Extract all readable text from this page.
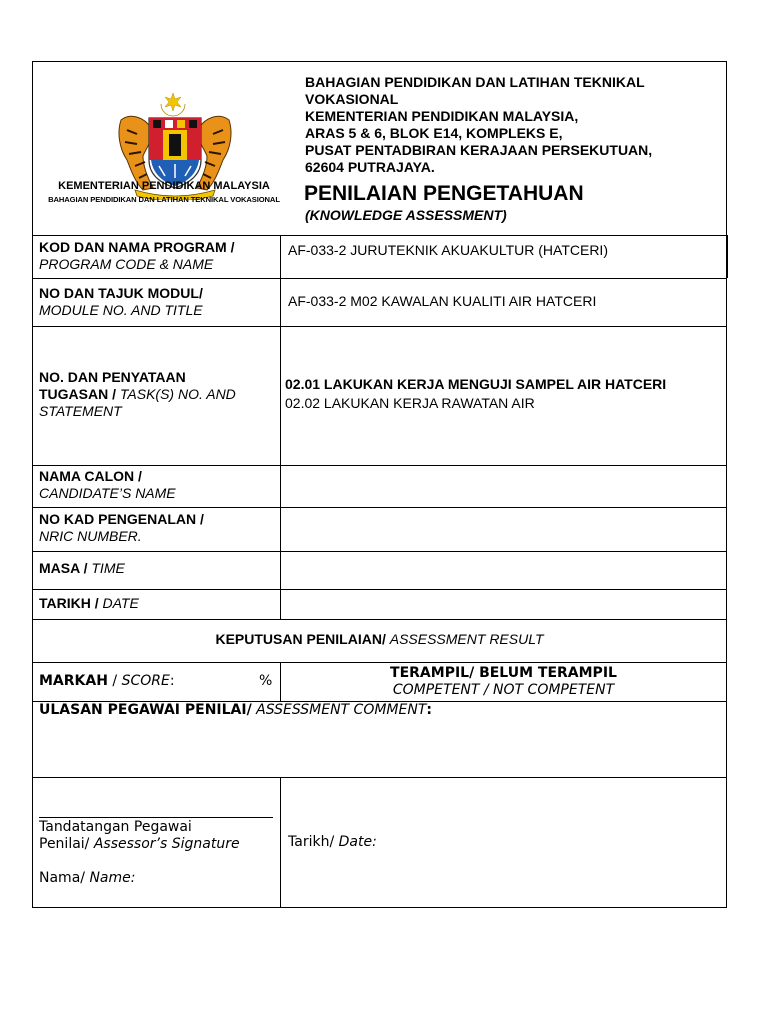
KEMENTERIAN PENDIDIKAN MALAYSIA
BAHAGIAN PENDIDIKAN DAN LATIHAN TEKNIKAL VOKASIONAL
BAHAGIAN PENDIDIKAN DAN LATIHAN TEKNIKAL
VOKASIONAL
KEMENTERIAN PENDIDIKAN MALAYSIA,
ARAS 5 & 6, BLOK E14, KOMPLEKS E,
PUSAT PENTADBIRAN KERAJAAN PERSEKUTUAN,
62604 PUTRAJAYA.
PENILAIAN PENGETAHUAN
(KNOWLEDGE ASSESSMENT)
KOD DAN NAMA PROGRAM /
PROGRAM CODE & NAME
AF-033-2 JURUTEKNIK AKUAKULTUR (HATCERI)
NO DAN TAJUK MODUL/
MODULE NO. AND TITLE
AF-033-2 M02 KAWALAN KUALITI AIR HATCERI
NO. DAN PENYATAAN
TUGASAN / TASK(S) NO. AND
STATEMENT
02.01 LAKUKAN KERJA MENGUJI SAMPEL AIR HATCERI
02.02 LAKUKAN KERJA RAWATAN AIR
NAMA CALON /
CANDIDATE’S NAME
NO KAD PENGENALAN /
NRIC NUMBER.
MASA / TIME
TARIKH / DATE
KEPUTUSAN PENILAIAN/ ASSESSMENT RESULT
MARKAH / SCORE:	%	TERAMPIL/ BELUM TERAMPIL
COMPETENT / NOT COMPETENT
ULASAN PEGAWAI PENILAI/ ASSESSMENT COMMENT:
Tandatangan Pegawai
Penilai/ Assessor’s Signature
Nama/ Name:
Tarikh/ Date:
